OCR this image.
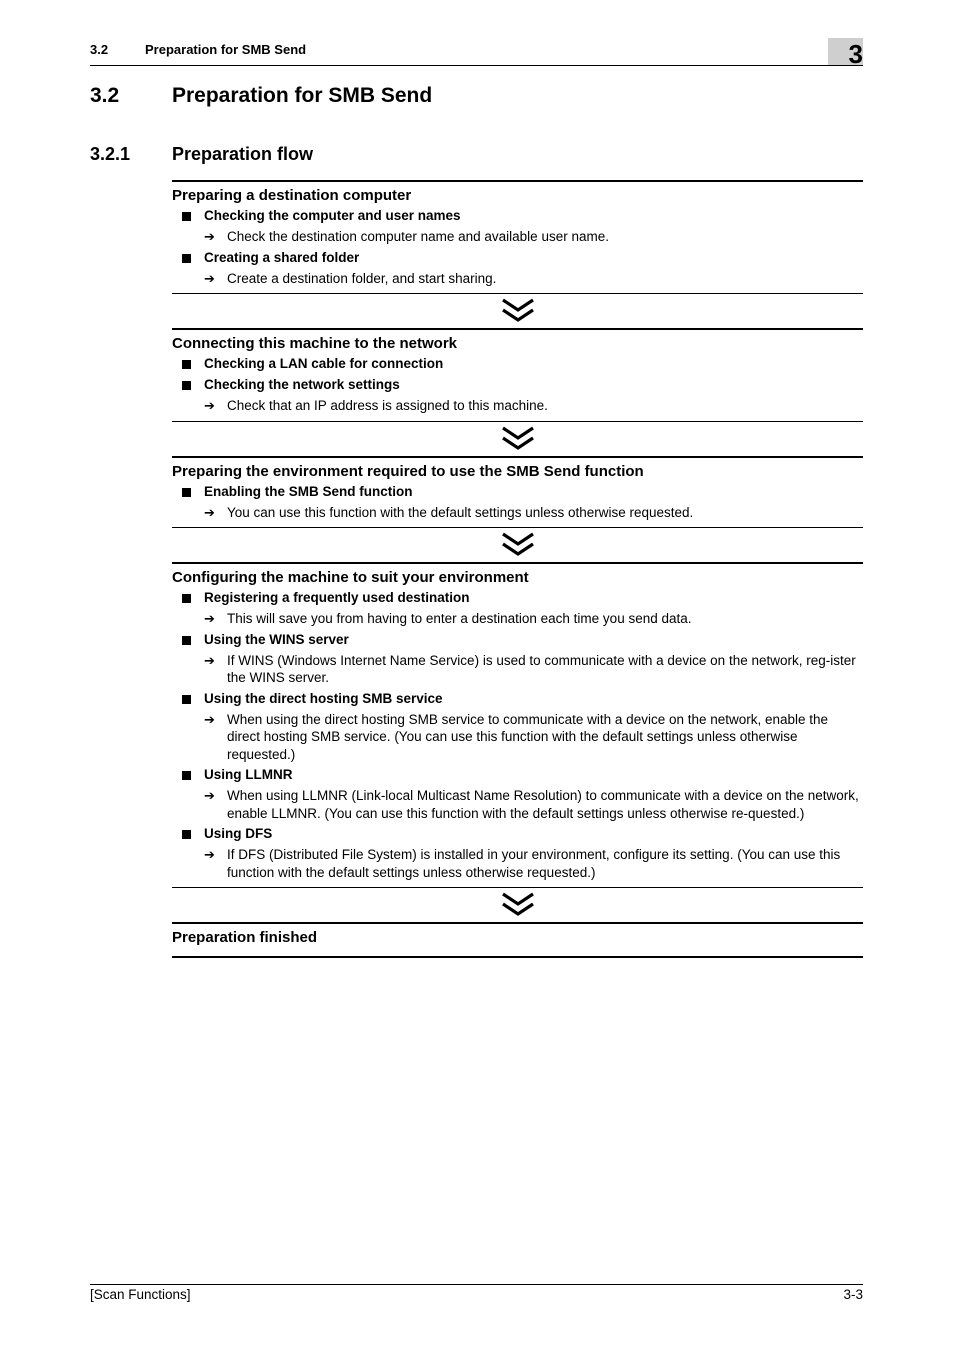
3.2	Preparation for SMB Send	3
3.2	Preparation for SMB Send
3.2.1 Preparation flow
Preparing a destination computer
Checking the computer and user names
➔ Check the destination computer name and available user name.
Creating a shared folder
➔ Create a destination folder, and start sharing.
Connecting this machine to the network
Checking a LAN cable for connection
Checking the network settings
➔ Check that an IP address is assigned to this machine.
Preparing the environment required to use the SMB Send function
Enabling the SMB Send function
➔ You can use this function with the default settings unless otherwise requested.
Configuring the machine to suit your environment
Registering a frequently used destination
➔ This will save you from having to enter a destination each time you send data.
Using the WINS server
➔ If WINS (Windows Internet Name Service) is used to communicate with a device on the network, reg-ister the WINS server.
Using the direct hosting SMB service
➔ When using the direct hosting SMB service to communicate with a device on the network, enable the direct hosting SMB service. (You can use this function with the default settings unless otherwise requested.)
Using LLMNR
➔ When using LLMNR (Link-local Multicast Name Resolution) to communicate with a device on the network, enable LLMNR. (You can use this function with the default settings unless otherwise re-quested.)
Using DFS
➔ If DFS (Distributed File System) is installed in your environment, configure its setting. (You can use this function with the default settings unless otherwise requested.)
Preparation finished
[Scan Functions]	3-3
